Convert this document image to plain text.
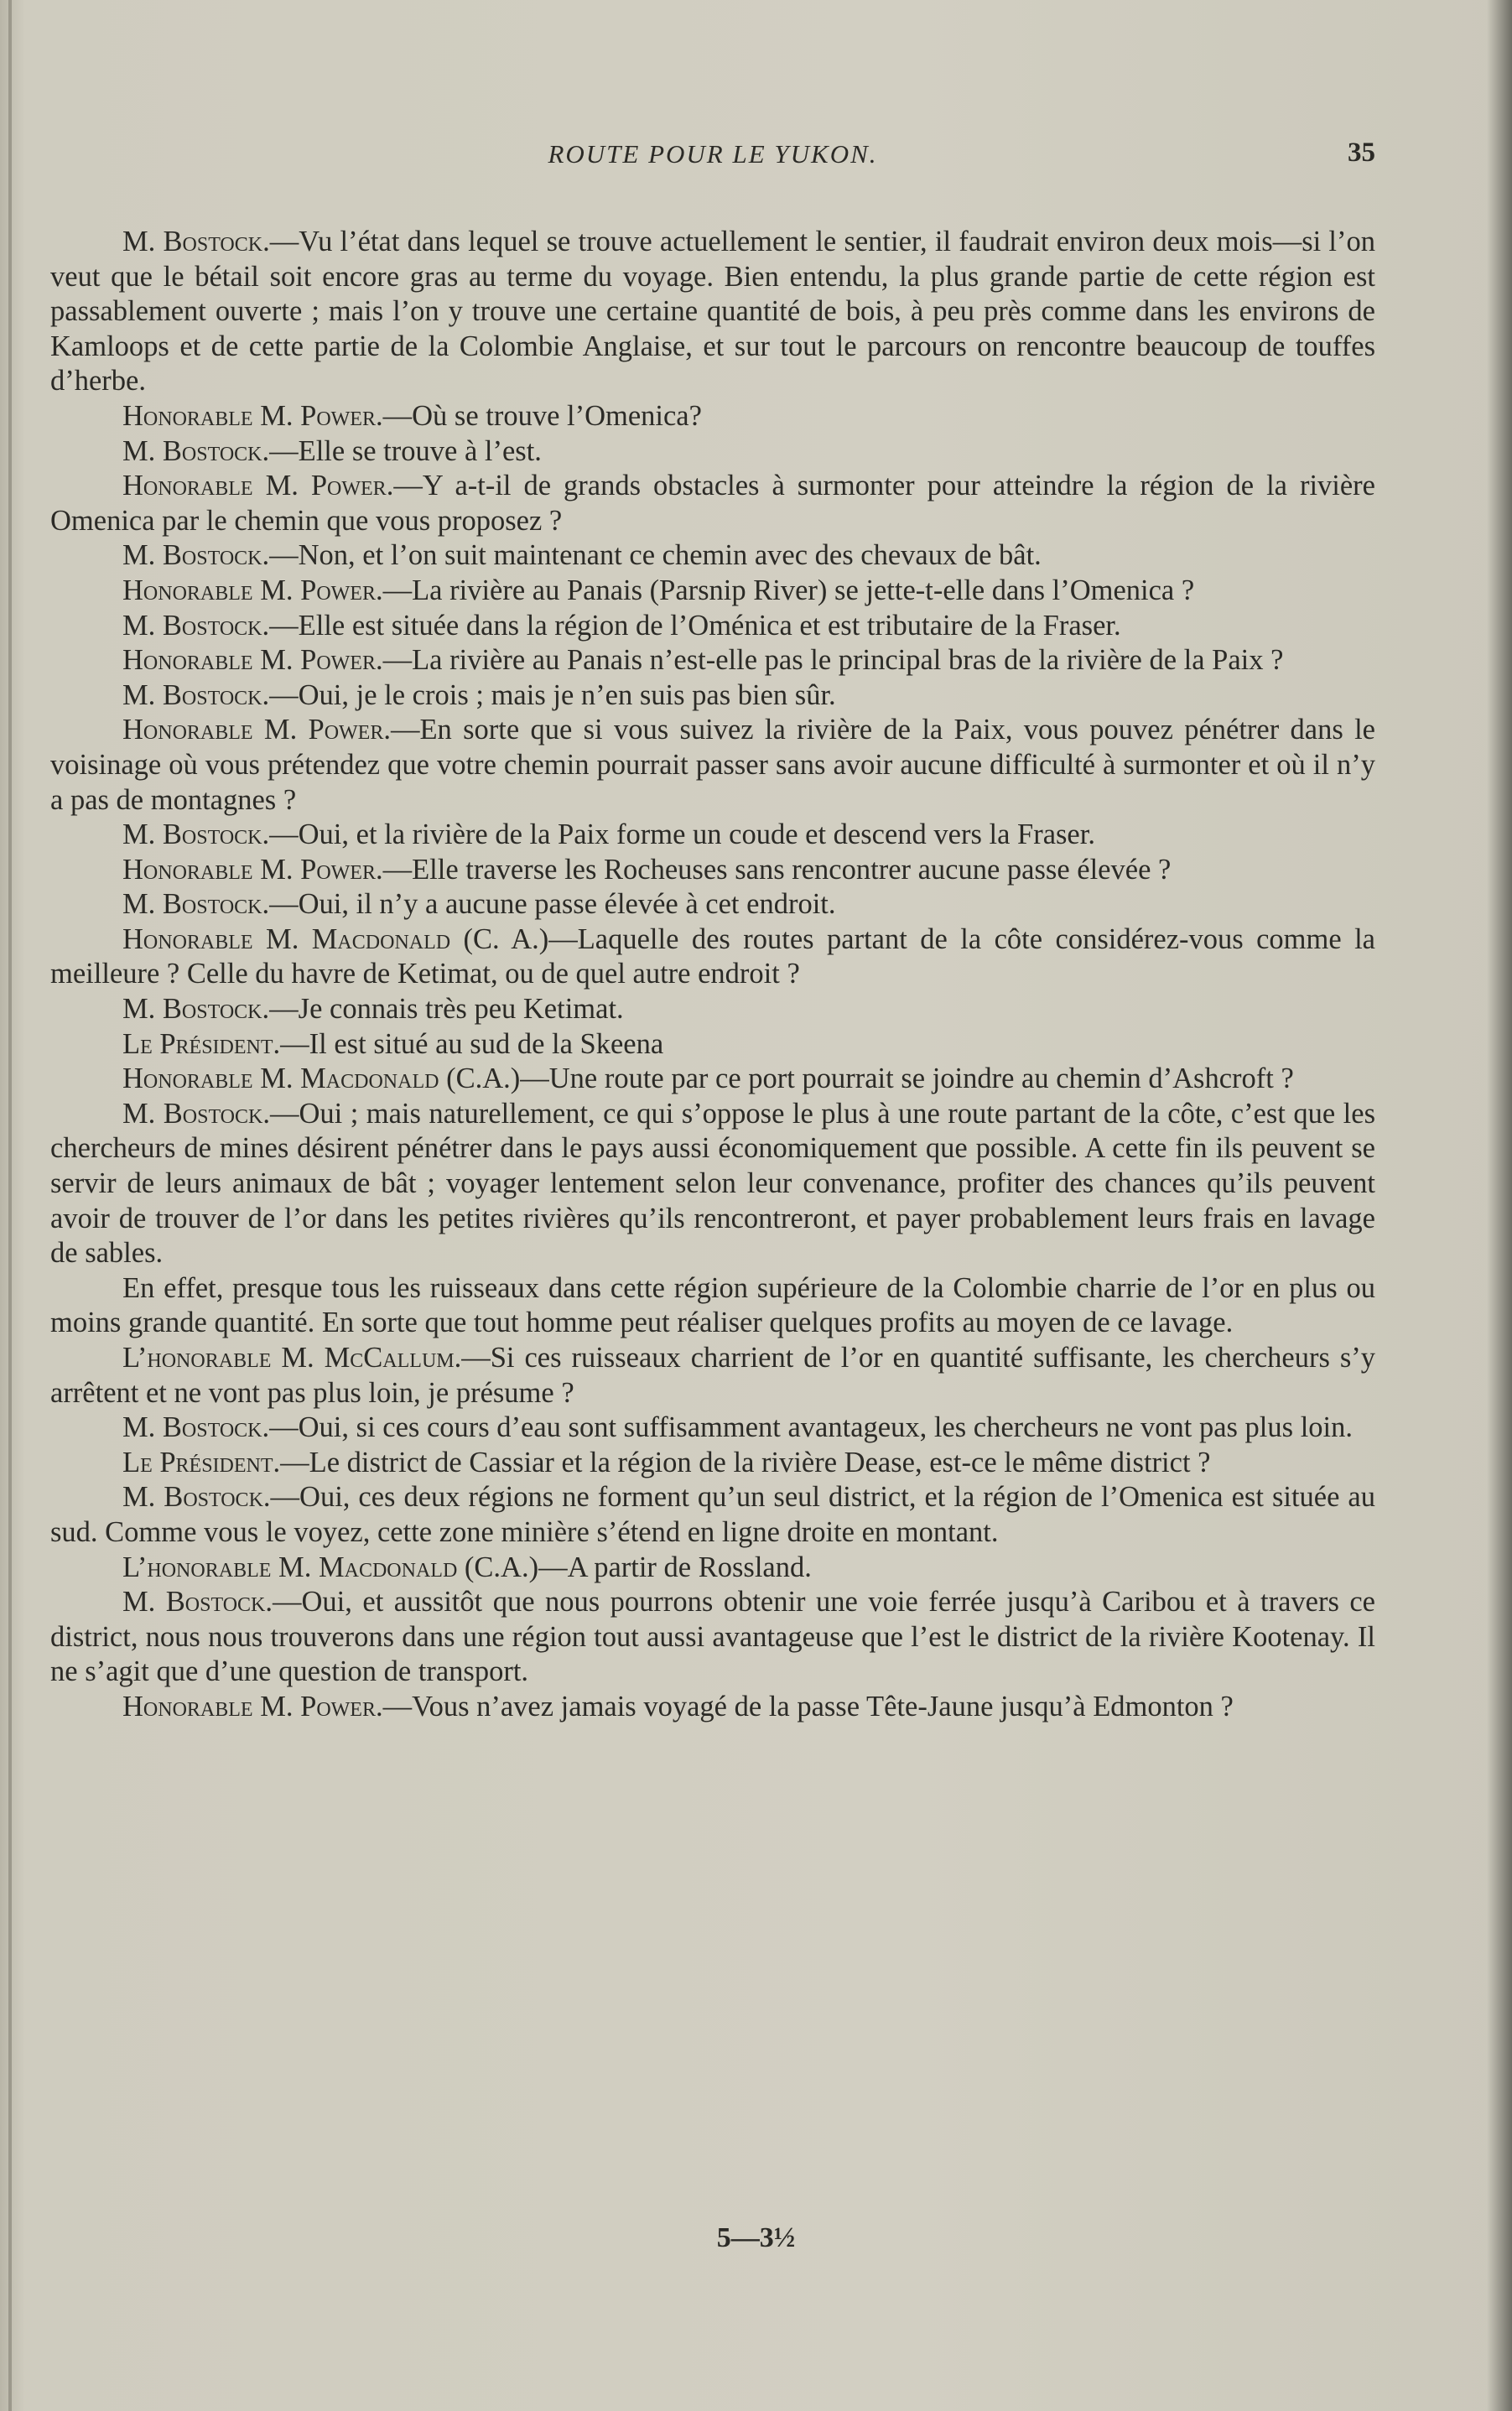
ROUTE POUR LE YUKON.	35

M. Bostock.—Vu l’état dans lequel se trouve actuellement le sentier, il faudrait environ deux mois—si l’on veut que le bétail soit encore gras au terme du voyage. Bien entendu, la plus grande partie de cette région est passablement ouverte ; mais l’on y trouve une certaine quantité de bois, à peu près comme dans les environs de Kamloops et de cette partie de la Colombie Anglaise, et sur tout le parcours on rencontre beaucoup de touffes d’herbe.

Honorable M. Power.—Où se trouve l’Omenica?

M. Bostock.—Elle se trouve à l’est.

Honorable M. Power.—Y a-t-il de grands obstacles à surmonter pour atteindre la région de la rivière Omenica par le chemin que vous proposez ?

M. Bostock.—Non, et l’on suit maintenant ce chemin avec des chevaux de bât.

Honorable M. Power.—La rivière au Panais (Parsnip River) se jette-t-elle dans l’Omenica ?

M. Bostock.—Elle est située dans la région de l’Oménica et est tributaire de la Fraser.

Honorable M. Power.—La rivière au Panais n’est-elle pas le principal bras de la rivière de la Paix ?

M. Bostock.—Oui, je le crois ; mais je n’en suis pas bien sûr.

Honorable M. Power.—En sorte que si vous suivez la rivière de la Paix, vous pouvez pénétrer dans le voisinage où vous prétendez que votre chemin pourrait passer sans avoir aucune difficulté à surmonter et où il n’y a pas de montagnes ?

M. Bostock.—Oui, et la rivière de la Paix forme un coude et descend vers la Fraser.

Honorable M. Power.—Elle traverse les Rocheuses sans rencontrer aucune passe élevée ?

M. Bostock.—Oui, il n’y a aucune passe élevée à cet endroit.

Honorable M. Macdonald (C. A.)—Laquelle des routes partant de la côte considérez-vous comme la meilleure ? Celle du havre de Ketimat, ou de quel autre endroit ?

M. Bostock.—Je connais très peu Ketimat.

Le Président.—Il est situé au sud de la Skeena

Honorable M. Macdonald (C.A.)—Une route par ce port pourrait se joindre au chemin d’Ashcroft ?

M. Bostock.—Oui ; mais naturellement, ce qui s’oppose le plus à une route partant de la côte, c’est que les chercheurs de mines désirent pénétrer dans le pays aussi économiquement que possible. A cette fin ils peuvent se servir de leurs animaux de bât ; voyager lentement selon leur convenance, profiter des chances qu’ils peuvent avoir de trouver de l’or dans les petites rivières qu’ils rencontreront, et payer probablement leurs frais en lavage de sables.

En effet, presque tous les ruisseaux dans cette région supérieure de la Colombie charrie de l’or en plus ou moins grande quantité. En sorte que tout homme peut réaliser quelques profits au moyen de ce lavage.

L’honorable M. McCallum.—Si ces ruisseaux charrient de l’or en quantité suffisante, les chercheurs s’y arrêtent et ne vont pas plus loin, je présume ?

M. Bostock.—Oui, si ces cours d’eau sont suffisamment avantageux, les chercheurs ne vont pas plus loin.

Le Président.—Le district de Cassiar et la région de la rivière Dease, est-ce le même district ?

M. Bostock.—Oui, ces deux régions ne forment qu’un seul district, et la région de l’Omenica est située au sud. Comme vous le voyez, cette zone minière s’étend en ligne droite en montant.

L’honorable M. Macdonald (C.A.)—A partir de Rossland.

M. Bostock.—Oui, et aussitôt que nous pourrons obtenir une voie ferrée jusqu’à Caribou et à travers ce district, nous nous trouverons dans une région tout aussi avantageuse que l’est le district de la rivière Kootenay. Il ne s’agit que d’une question de transport.

Honorable M. Power.—Vous n’avez jamais voyagé de la passe Tête-Jaune jusqu’à Edmonton ?

5—3½
